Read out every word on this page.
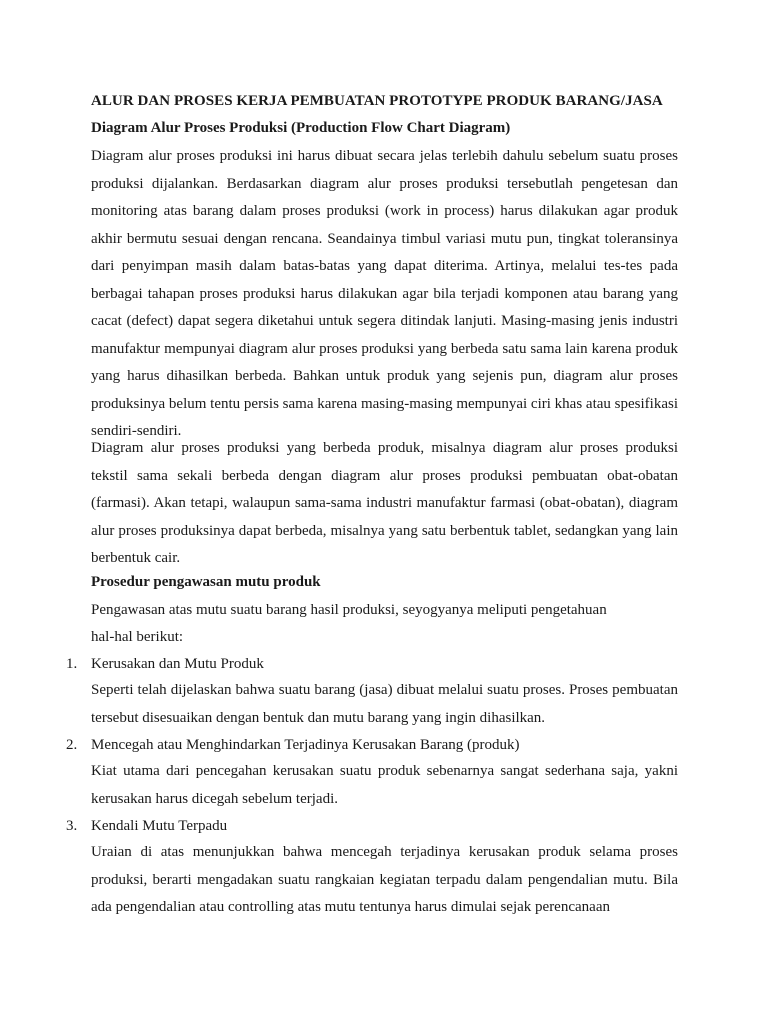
ALUR DAN PROSES KERJA PEMBUATAN PROTOTYPE PRODUK BARANG/JASA
Diagram Alur Proses Produksi (Production Flow Chart Diagram)
Diagram alur proses produksi ini harus dibuat secara jelas terlebih dahulu sebelum suatu proses produksi dijalankan. Berdasarkan diagram alur proses produksi tersebutlah pengetesan dan monitoring atas barang dalam proses produksi (work in process) harus dilakukan agar produk akhir bermutu sesuai dengan rencana. Seandainya timbul variasi mutu pun, tingkat toleransinya dari penyimpan masih dalam batas-batas yang dapat diterima. Artinya, melalui tes-tes pada berbagai tahapan proses produksi harus dilakukan agar bila terjadi komponen atau barang yang cacat (defect) dapat segera diketahui untuk segera ditindak lanjuti. Masing-masing jenis industri manufaktur mempunyai diagram alur proses produksi yang berbeda satu sama lain karena produk yang harus dihasilkan berbeda. Bahkan untuk produk yang sejenis pun, diagram alur proses produksinya belum tentu persis sama karena masing-masing mempunyai ciri khas atau spesifikasi sendiri-sendiri.
Diagram alur proses produksi yang berbeda produk, misalnya diagram alur proses produksi tekstil sama sekali berbeda dengan diagram alur proses produksi pembuatan obat-obatan (farmasi). Akan tetapi, walaupun sama-sama industri manufaktur farmasi (obat-obatan), diagram alur proses produksinya dapat berbeda, misalnya yang satu berbentuk tablet, sedangkan yang lain berbentuk cair.
Prosedur pengawasan mutu produk
Pengawasan atas mutu suatu barang hasil produksi, seyogyanya meliputi pengetahuan
hal-hal berikut:
1. Kerusakan dan Mutu Produk
Seperti telah dijelaskan bahwa suatu barang (jasa) dibuat melalui suatu proses. Proses pembuatan tersebut disesuaikan dengan bentuk dan mutu barang yang ingin dihasilkan.
2. Mencegah atau Menghindarkan Terjadinya Kerusakan Barang (produk)
Kiat utama dari pencegahan kerusakan suatu produk sebenarnya sangat sederhana saja, yakni kerusakan harus dicegah sebelum terjadi.
3. Kendali Mutu Terpadu
Uraian di atas menunjukkan bahwa mencegah terjadinya kerusakan produk selama proses produksi, berarti mengadakan suatu rangkaian kegiatan terpadu dalam pengendalian mutu. Bila ada pengendalian atau controlling atas mutu tentunya harus dimulai sejak perencanaan
